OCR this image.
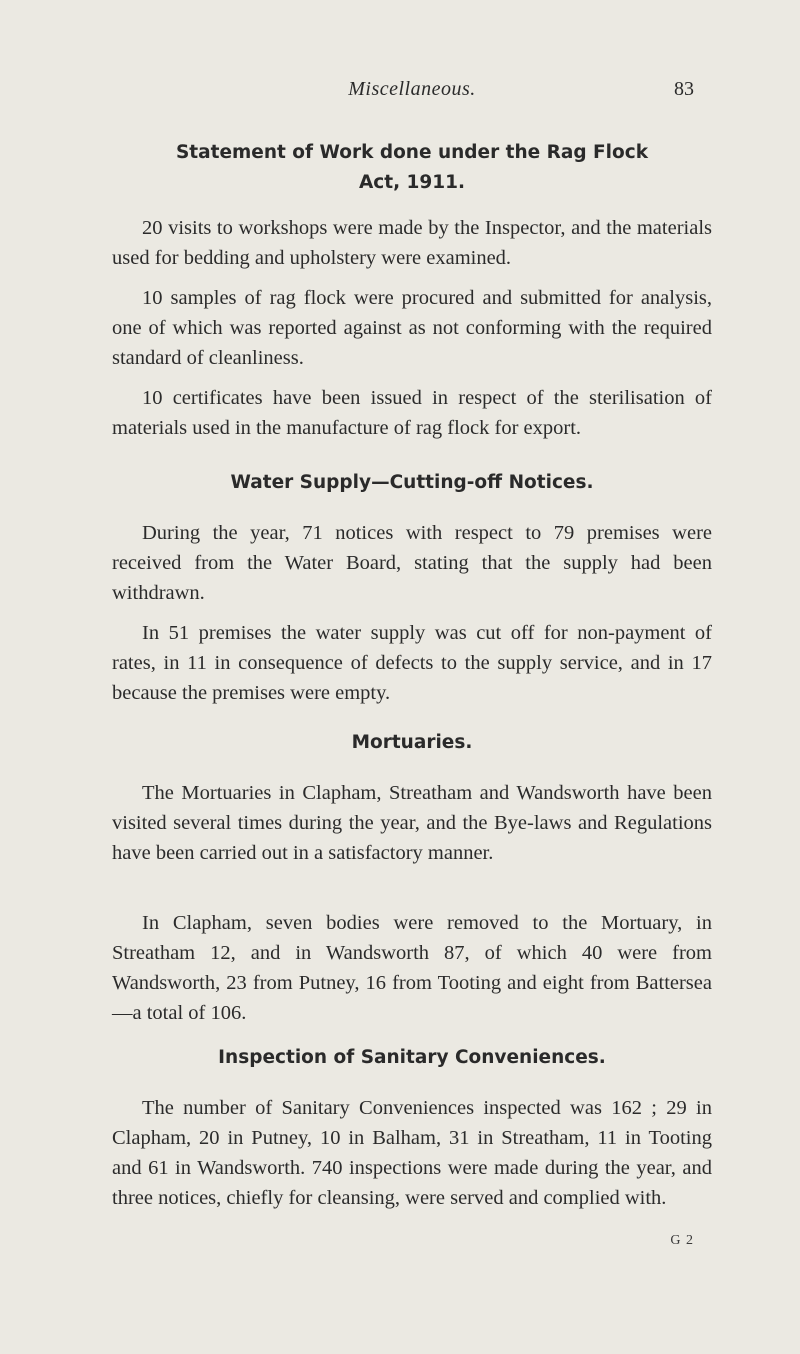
Miscellaneous.	83
Statement of Work done under the Rag Flock
Act, 1911.

20 visits to workshops were made by the Inspector, and the materials used for bedding and upholstery were examined.

10 samples of rag flock were procured and submitted for analysis, one of which was reported against as not conforming with the required standard of cleanliness.

10 certificates have been issued in respect of the sterilisation of materials used in the manufacture of rag flock for export.

Water Supply—Cutting-off Notices.

During the year, 71 notices with respect to 79 premises were received from the Water Board, stating that the supply had been withdrawn.

In 51 premises the water supply was cut off for non-payment of rates, in 11 in consequence of defects to the supply service, and in 17 because the premises were empty.

Mortuaries.

The Mortuaries in Clapham, Streatham and Wandsworth have been visited several times during the year, and the Bye-laws and Regulations have been carried out in a satisfactory manner.

In Clapham, seven bodies were removed to the Mortuary, in Streatham 12, and in Wandsworth 87, of which 40 were from Wandsworth, 23 from Putney, 16 from Tooting and eight from Battersea—a total of 106.

Inspection of Sanitary Conveniences.

The number of Sanitary Conveniences inspected was 162 ; 29 in Clapham, 20 in Putney, 10 in Balham, 31 in Streatham, 11 in Tooting and 61 in Wandsworth. 740 inspections were made during the year, and three notices, chiefly for cleansing, were served and complied with.

G 2
